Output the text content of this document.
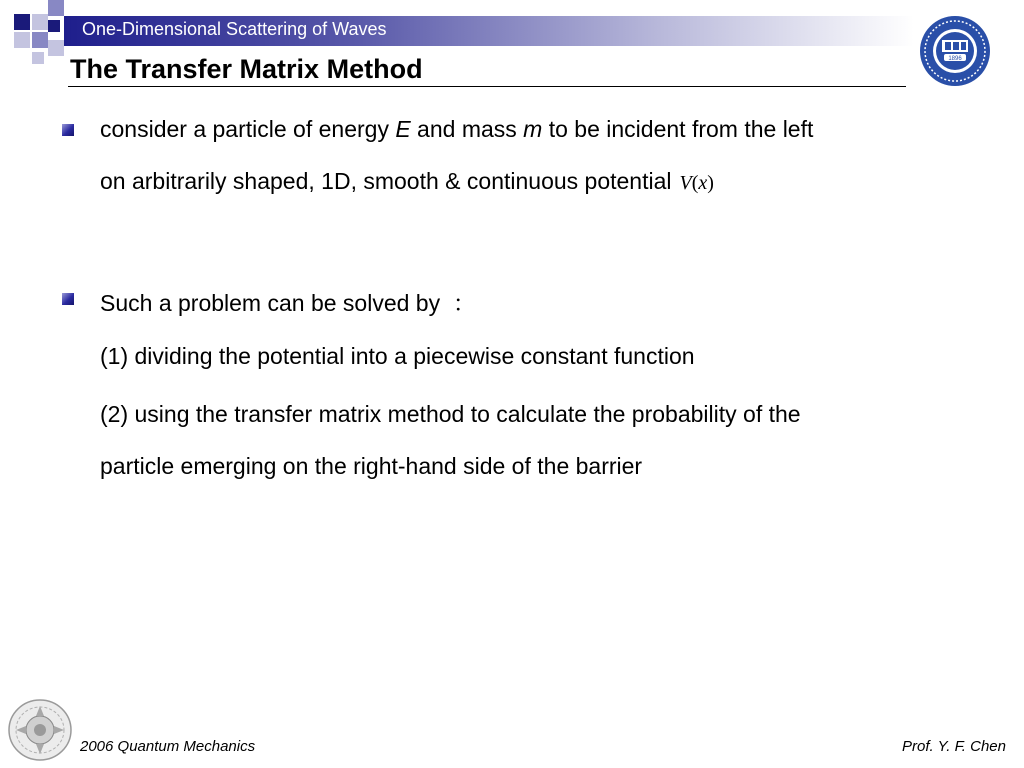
One-Dimensional Scattering of Waves
The Transfer Matrix Method	1896
consider a particle of energy E and mass m to be incident from the left
on arbitrarily shaped, 1D, smooth & continuous potential V(x)
Such a problem can be solved by  ：
(1) dividing the potential into a piecewise constant function
(2) using the transfer matrix method to calculate the probability of the
particle emerging on the right-hand side of the barrier
2006 Quantum Mechanics	Prof. Y. F. Chen
